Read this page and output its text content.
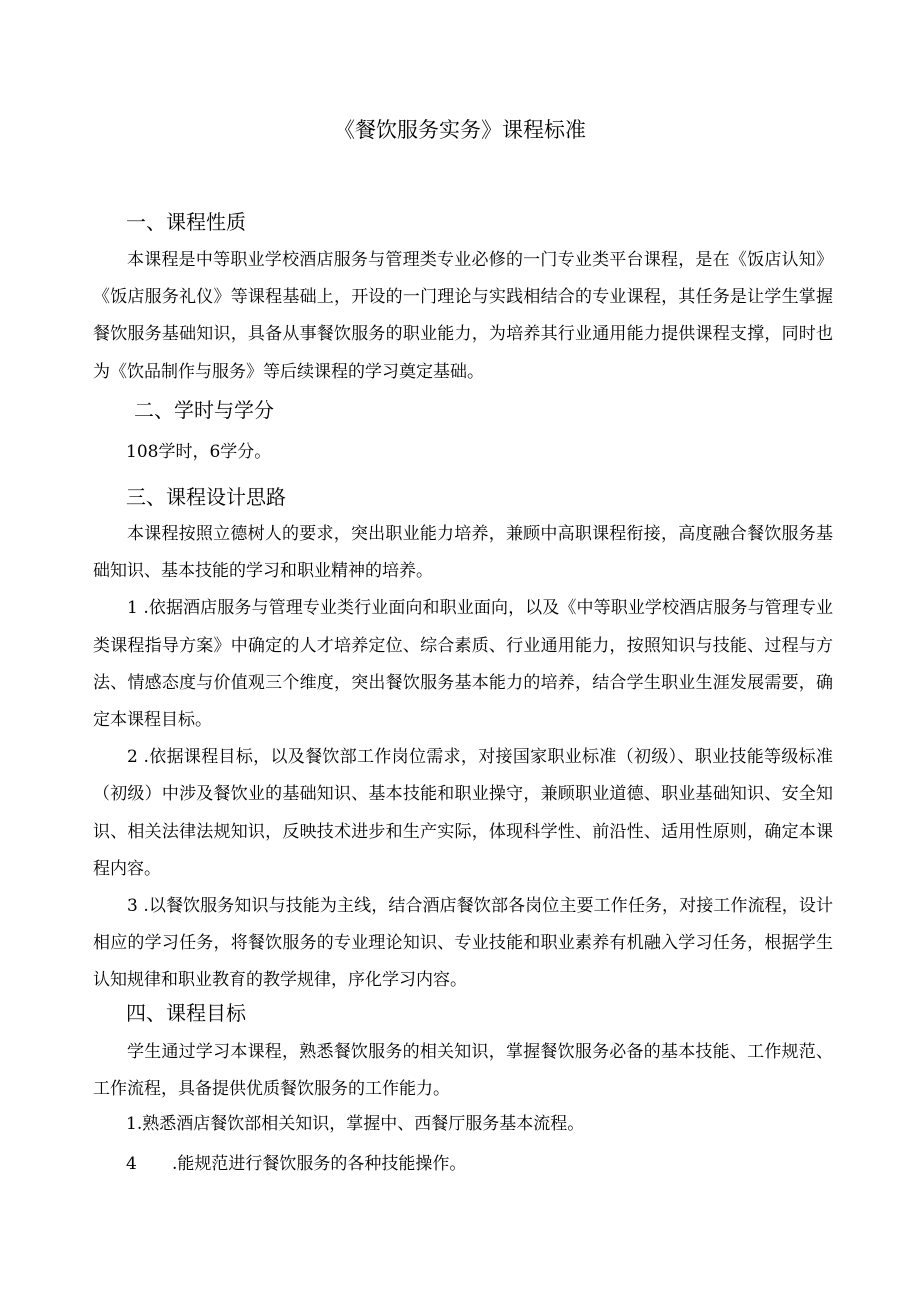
《餐饮服务实务》课程标准
一、课程性质

本课程是中等职业学校酒店服务与管理类专业必修的一门专业类平台课程，是在《饭店认知》《饭店服务礼仪》等课程基础上，开设的一门理论与实践相结合的专业课程，其任务是让学生掌握餐饮服务基础知识，具备从事餐饮服务的职业能力，为培养其行业通用能力提供课程支撑，同时也为《饮品制作与服务》等后续课程的学习奠定基础。

二、学时与学分
108学时，6学分。
三、课程设计思路

本课程按照立德树人的要求，突出职业能力培养，兼顾中高职课程衔接，高度融合餐饮服务基础知识、基本技能的学习和职业精神的培养。

1 .依据酒店服务与管理专业类行业面向和职业面向，以及《中等职业学校酒店服务与管理专业类课程指导方案》中确定的人才培养定位、综合素质、行业通用能力，按照知识与技能、过程与方法、情感态度与价值观三个维度，突出餐饮服务基本能力的培养，结合学生职业生涯发展需要，确定本课程目标。

2 .依据课程目标，以及餐饮部工作岗位需求，对接国家职业标准（初级）、职业技能等级标准（初级）中涉及餐饮业的基础知识、基本技能和职业操守，兼顾职业道德、职业基础知识、安全知识、相关法律法规知识，反映技术进步和生产实际，体现科学性、前沿性、适用性原则，确定本课程内容。

3 .以餐饮服务知识与技能为主线，结合酒店餐饮部各岗位主要工作任务，对接工作流程，设计相应的学习任务，将餐饮服务的专业理论知识、专业技能和职业素养有机融入学习任务，根据学生认知规律和职业教育的教学规律，序化学习内容。

四、课程目标

学生通过学习本课程，熟悉餐饮服务的相关知识，掌握餐饮服务必备的基本技能、工作规范、工作流程，具备提供优质餐饮服务的工作能力。

1.熟悉酒店餐饮部相关知识，掌握中、西餐厅服务基本流程。
4 .能规范进行餐饮服务的各种技能操作。
